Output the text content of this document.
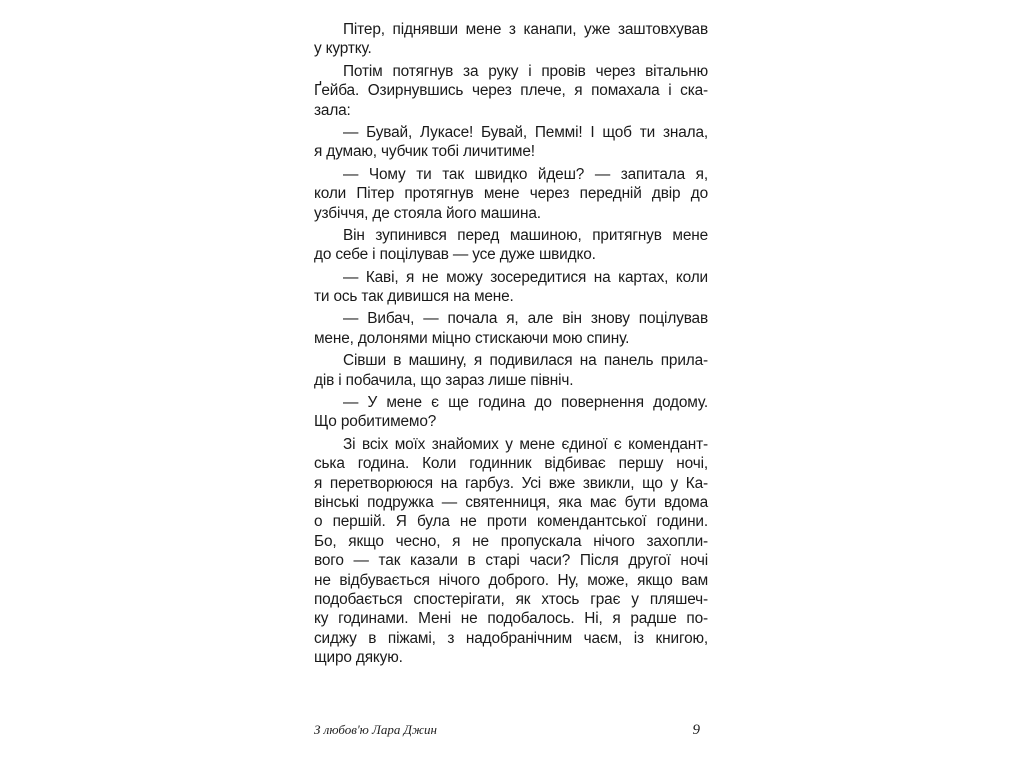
Пітер, піднявши мене з канапи, уже заштовхував
у куртку.
Потім потягнув за руку і провів через вітальню
Ґейба. Озирнувшись через плече, я помахала і ска-
зала:
— Бувай, Лукасе! Бувай, Пеммі! І щоб ти знала,
я думаю, чубчик тобі личитиме!
— Чому ти так швидко йдеш? — запитала я,
коли Пітер протягнув мене через передній двір до
узбіччя, де стояла його машина.
Він зупинився перед машиною, притягнув мене
до себе і поцілував — усе дуже швидко.
— Каві, я не можу зосередитися на картах, коли
ти ось так дивишся на мене.
— Вибач, — почала я, але він знову поцілував
мене, долонями міцно стискаючи мою спину.
Сівши в машину, я подивилася на панель прила-
дів і побачила, що зараз лише північ.
— У мене є ще година до повернення додому.
Що робитимемо?
Зі всіх моїх знайомих у мене єдиної є комендант-
ська година. Коли годинник відбиває першу ночі,
я перетворююся на гарбуз. Усі вже звикли, що у Ка-
вінські подружка — святенниця, яка має бути вдома
о першій. Я була не проти комендантської години.
Бо, якщо чесно, я не пропускала нічого захопли-
вого — так казали в старі часи? Після другої ночі
не відбувається нічого доброго. Ну, може, якщо вам
подобається спостерігати, як хтось грає у пляшеч-
ку годинами. Мені не подобалось. Ні, я радше по-
сиджу в піжамі, з надобранічним чаєм, із книгою,
щиро дякую.
З любов'ю Лара Джин	9
